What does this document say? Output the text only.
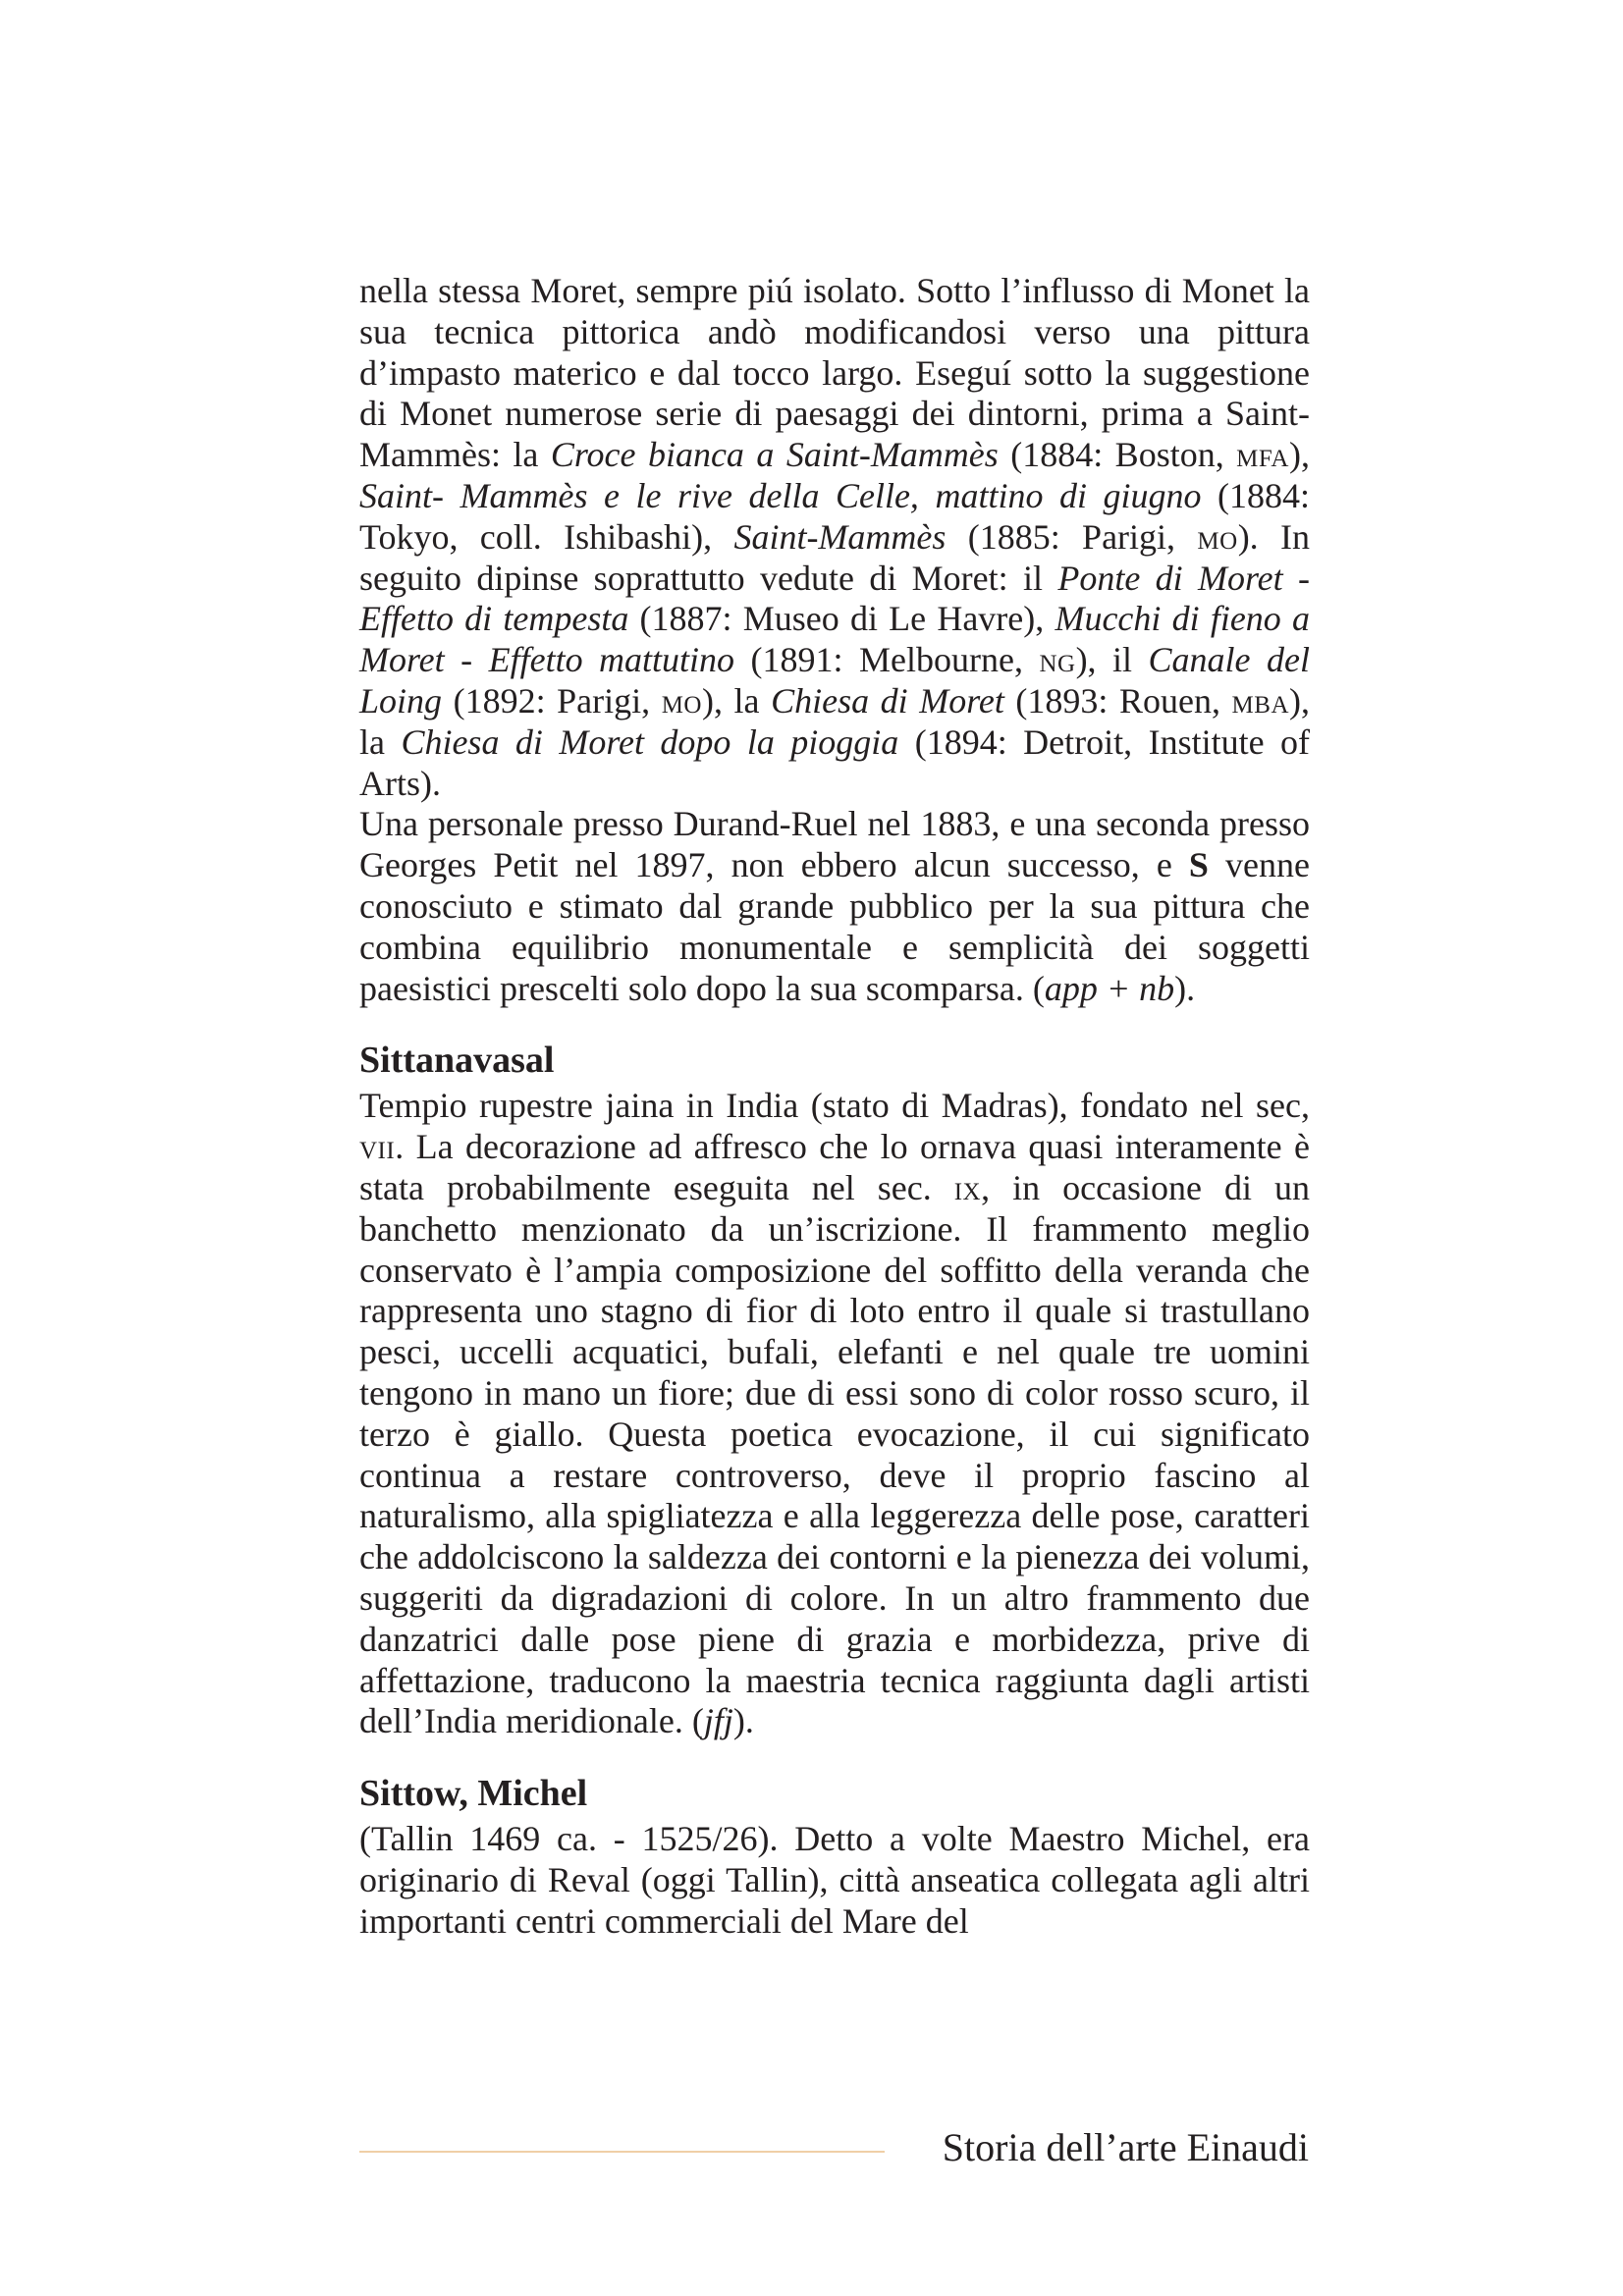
nella stessa Moret, sempre piú isolato. Sotto l’influsso di Monet la sua tecnica pittorica andò modificandosi verso una pittura d’impasto materico e dal tocco largo. Eseguí sotto la suggestione di Monet numerose serie di paesaggi dei dintorni, prima a Saint-Mammès: la Croce bianca a Saint-Mammès (1884: Boston, mfa), Saint- Mammès e le rive della Celle, mattino di giugno (1884: Tokyo, coll. Ishibashi), Saint-Mammès (1885: Parigi, mo). In seguito dipinse soprattutto vedute di Moret: il Ponte di Moret - Effetto di tempesta (1887: Museo di Le Havre), Mucchi di fieno a Moret - Effetto mattutino (1891: Melbourne, ng), il Canale del Loing (1892: Parigi, mo), la Chiesa di Moret (1893: Rouen, mba), la Chiesa di Moret dopo la pioggia (1894: Detroit, Institute of Arts).

Una personale presso Durand-Ruel nel 1883, e una seconda presso Georges Petit nel 1897, non ebbero alcun successo, e S venne conosciuto e stimato dal grande pubblico per la sua pittura che combina equilibrio monumentale e semplicità dei soggetti paesistici prescelti solo dopo la sua scomparsa. (app + nb).

Sittanavasal

Tempio rupestre jaina in India (stato di Madras), fondato nel sec, vii. La decorazione ad affresco che lo ornava quasi interamente è stata probabilmente eseguita nel sec. ix, in occasione di un banchetto menzionato da un’iscrizione. Il frammento meglio conservato è l’ampia composizione del soffitto della veranda che rappresenta uno stagno di fior di loto entro il quale si trastullano pesci, uccelli acquatici, bufali, elefanti e nel quale tre uomini tengono in mano un fiore; due di essi sono di color rosso scuro, il terzo è giallo. Questa poetica evocazione, il cui significato continua a restare controverso, deve il proprio fascino al naturalismo, alla spigliatezza e alla leggerezza delle pose, caratteri che addolciscono la saldezza dei contorni e la pienezza dei volumi, suggeriti da digradazioni di colore. In un altro frammento due danzatrici dalle pose piene di grazia e morbidezza, prive di affettazione, traducono la maestria tecnica raggiunta dagli artisti dell’India meridionale. (jfj).

Sittow, Michel

(Tallin 1469 ca. - 1525/26). Detto a volte Maestro Michel, era originario di Reval (oggi Tallin), città anseatica collegata agli altri importanti centri commerciali del Mare del

Storia dell’arte Einaudi
